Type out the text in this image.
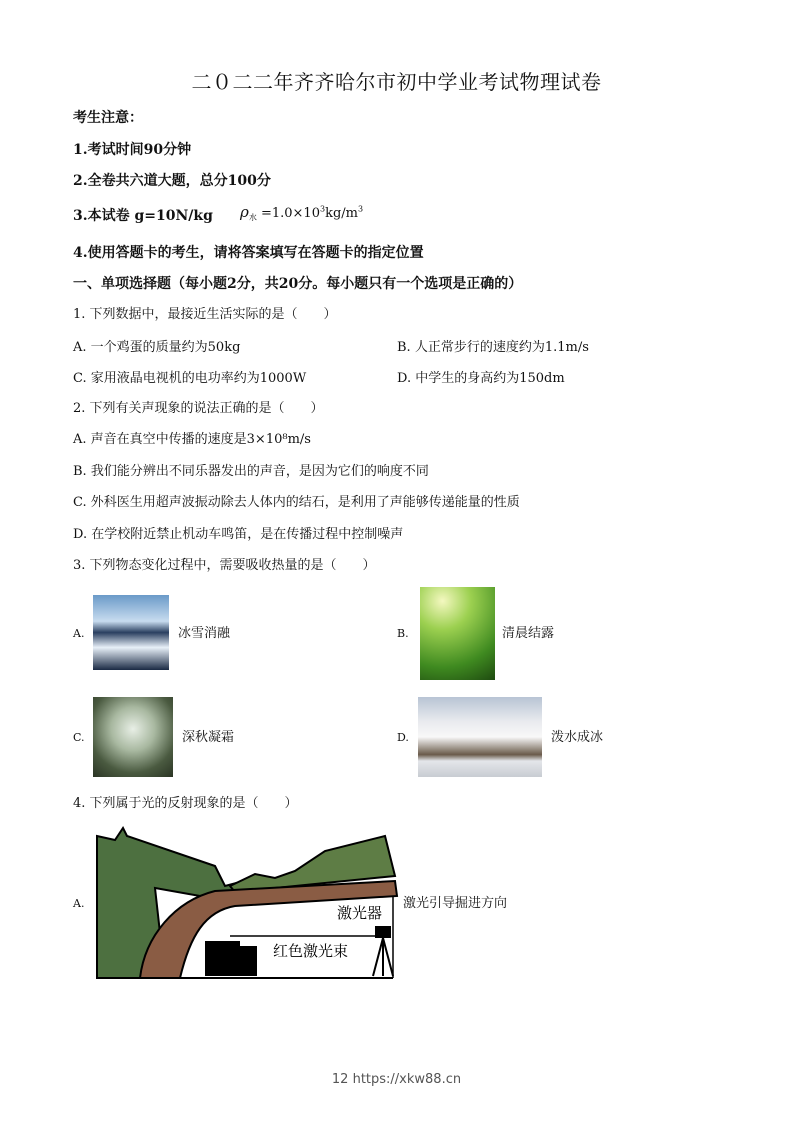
二０二二年齐齐哈尔市初中学业考试物理试卷
考生注意：
1.考试时间90分钟
2.全卷共六道大题，总分100分
3.本试卷 g=10N/kg $\rho_水 =1.0\times 10^3kg/m^3$
4.使用答题卡的考生，请将答案填写在答题卡的指定位置
一、单项选择题（每小题2分，共20分。每小题只有一个选项是正确的）
1. 下列数据中，最接近生活实际的是（　　）
A. 一个鸡蛋的质量约为50kg	B. 人正常步行的速度约为1.1m/s
C. 家用液晶电视机的电功率约为1000W	D. 中学生的身高约为150dm
2. 下列有关声现象的说法正确的是（　　）
A. 声音在真空中传播的速度是3×10⁸m/s
B. 我们能分辨出不同乐器发出的声音，是因为它们的响度不同
C. 外科医生用超声波振动除去人体内的结石，是利用了声能够传递能量的性质
D. 在学校附近禁止机动车鸣笛，是在传播过程中控制噪声
3. 下列物态变化过程中，需要吸收热量的是（　　）
A.	冰雪消融	B.	清晨结露
C.	深秋凝霜	D.	泼水成冰
4. 下列属于光的反射现象的是（　　）
A.
激光器
红色激光束
激光引导掘进方向
12 https://xkw88.cn
